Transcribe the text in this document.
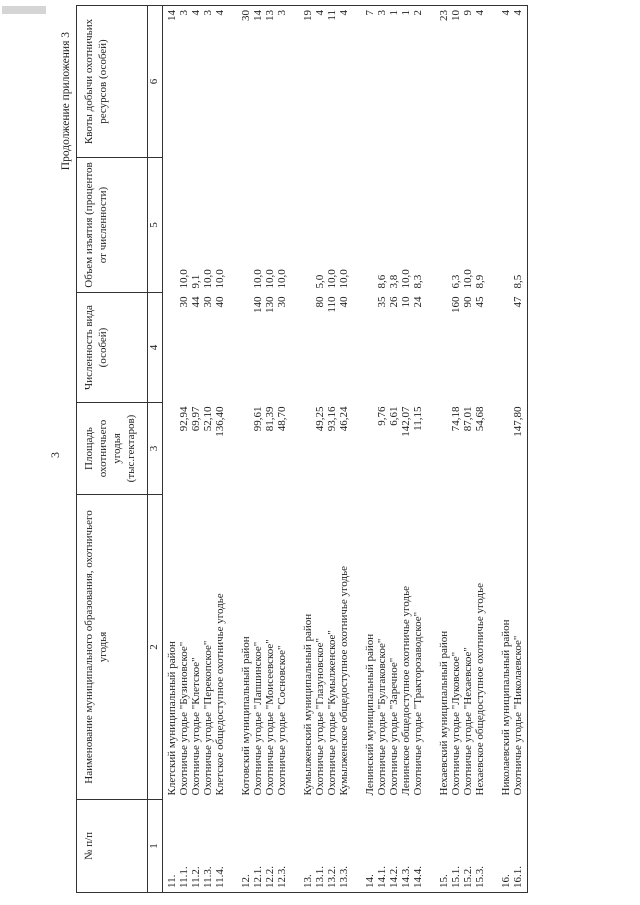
3
Продолжение приложения 3
№ п/п	Наименование муниципального образования, охотничьего угодья	Площадь охотничьего угодья (тыс.гектаров)	Численность вида (особей)	Объем изъятия (процентов от численности)	Квоты добычи охотничьих ресурсов (особей)
1	2	3	4	5	6
11.	Клетский муниципальный район				14
11.1.	Охотничье угодье "Бузиновское"	92,94	30	10,0	3
11.2.	Охотничье угодье "Клетское"	69,97	44	9,1	4
11.3.	Охотничье угодье "Перекопское"	52,10	30	10,0	3
11.4.	Клетское общедоступное охотничье угодье	136,40	40	10,0	4

12.	Котовский муниципальный район				30
12.1.	Охотничье угодье "Лапшинское"	99,61	140	10,0	14
12.2.	Охотничье угодье "Моисеевское"	81,39	130	10,0	13
12.3.	Охотничье угодье "Сосновское"	48,70	30	10,0	3

13.	Кумылженский муниципальный район				19
13.1.	Охотничье угодье "Глазуновское"	49,25	80	5,0	4
13.2.	Охотничье угодье "Кумылженское"	93,16	110	10,0	11
13.3.	Кумылженское общедоступное охотничье угодье	46,24	40	10,0	4

14.	Ленинский муниципальный район				7
14.1.	Охотничье угодье "Булгаковское"	9,76	35	8,6	3
14.2.	Охотничье угодье "Заречное"	6,61	26	3,8	1
14.3.	Ленинское общедоступное охотничье угодье	142,07	10	10,0	1
14.4.	Охотничье угодье "Тракторозаводское"	11,15	24	8,3	2

15.	Нехаевский муниципальный район				23
15.1.	Охотничье угодье "Луковское"	74,18	160	6,3	10
15.2.	Охотничье угодье "Нехаевское"	87,01	90	10,0	9
15.3.	Нехаевское общедоступное охотничье угодье	54,68	45	8,9	4

16.	Николаевский муниципальный район				4
16.1.	Охотничье угодье "Николаевское"	147,80	47	8,5	4
